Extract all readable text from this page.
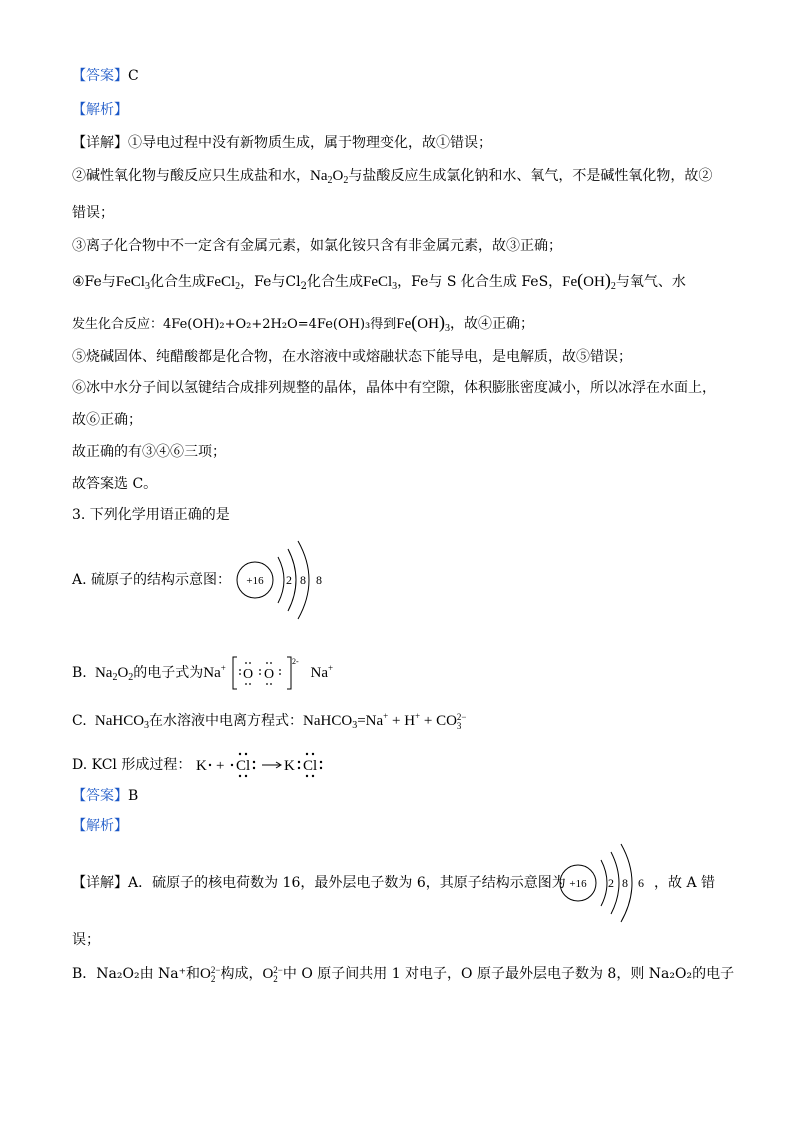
【答案】C
【解析】
【详解】①导电过程中没有新物质生成，属于物理变化，故①错误；
②碱性氧化物与酸反应只生成盐和水，$Na_2O_2$与盐酸反应生成氯化钠和水、氧气，不是碱性氧化物，故②
错误；
③离子化合物中不一定含有金属元素，如氯化铵只含有非金属元素，故③正确；
④Fe与FeCl$_3$化合生成FeCl$_2$，Fe与$Cl_2$化合生成FeCl$_3$，Fe与 S 化合生成 FeS，$Fe(OH)_2$与氧气、水
发生化合反应：4Fe(OH)₂+O₂+2H₂O=4Fe(OH)₃得到$Fe(OH)_3$，故④正确；
⑤烧碱固体、纯醋酸都是化合物，在水溶液中或熔融状态下能导电，是电解质，故⑤错误；
⑥冰中水分子间以氢键结合成排列规整的晶体，晶体中有空隙，体积膨胀密度减小，所以冰浮在水面上，
故⑥正确；
故正确的有③④⑥三项；
故答案选 C。
3. 下列化学用语正确的是
A. 硫原子的结构示意图：	+16 2 8 8
B.  $Na_2O_2$的电子式为Na+ O O
2-
Na+
C.  NaHCO$_3$在水溶液中电离方程式：NaHCO$_3$=Na+ + H+ + CO 2−
3
D. KCl 形成过程： K + Cl K Cl
【答案】B
【解析】
【详解】A．硫原子的核电荷数为 16，最外层电子数为 6，其原子结构示意图为 +16 2 8 6 ，故 A 错
误；
B．Na₂O₂由 Na⁺和O 2−
2 构成，O 2−
2 中 O 原子间共用 1 对电子，O 原子最外层电子数为 8，则 Na₂O₂的电子
